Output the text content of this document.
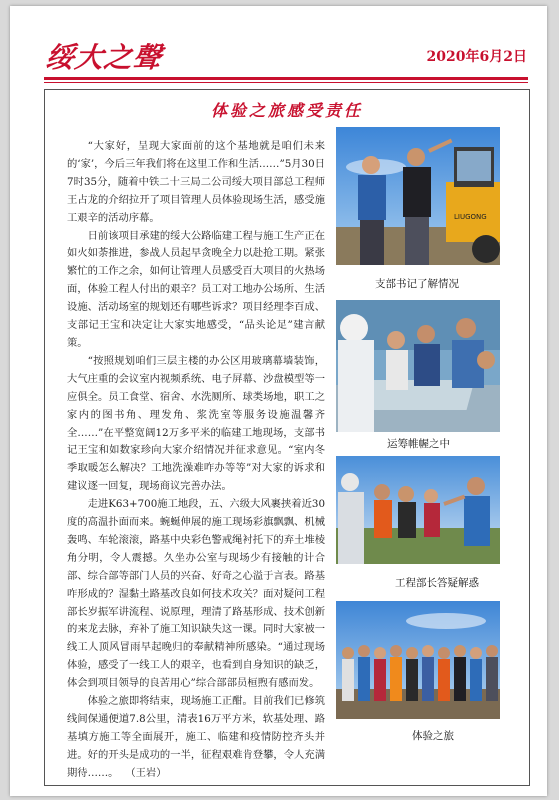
绥大之聲	2020年6月2日
体验之旅感受责任

“大家好，呈现大家面前的这个基地就是咱们未来的‘家’，今后三年我们将在这里工作和生活……”5月30日7时35分，随着中铁二十三局二公司绥大项目部总工程师王占龙的介绍拉开了项目管理人员体验现场生活，感受施工艰辛的活动序幕。

日前该项目承建的绥大公路临建工程与施工生产正在如火如荼推进，参战人员起早贪晚全力以赴抢工期。紧张繁忙的工作之余，如何让管理人员感受百大项目的火热场面，体验工程人付出的艰辛？员工对工地办公场所、生活设施、活动场室的规划还有哪些诉求？项目经理李百成、支部记王宝和决定让大家实地感受，“品头论足”建言献策。

“按照规划咱们三层主楼的办公区用玻璃幕墙装饰，大气庄重的会议室内视频系统、电子屏幕、沙盘模型等一应俱全。员工食堂、宿舍、水洗厕所、球类场地，职工之家内的图书角、理发角、浆洗室等服务设施温馨齐全……”在平整宽阔12万多平米的临建工地现场，支部书记王宝和如数家珍向大家介绍情况并征求意见。“室内冬季取暖怎么解决？工地洗澡难咋办等等”对大家的诉求和建议逐一回复，现场商议完善办法。

走进K63+700施工地段，五、六级大风裹挟着近30度的高温扑面而来。蜿蜒伸展的施工现场彩旗飘飘、机械轰鸣、车轮滚滚，路基中央彩色警戒绳衬托下的弃土堆棱角分明，令人震撼。久坐办公室与现场少有接触的计合部、综合部等部门人员的兴奋、好奇之心溢于言表。路基咋形成的？湿黏土路基改良如何技术攻关？面对疑问工程部长岁振军讲流程、说原理，理清了路基形成、技术创新的来龙去脉，弃补了施工知识缺失这一课。同时大家被一线工人顶风冒雨早起晚归的奉献精神所感染。“通过现场体验，感受了一线工人的艰辛，也看到自身知识的缺乏，体会到项目领导的良苦用心”综合部部员桓煦有感而发。

体验之旅即将结束，现场施工正酣。目前我们已修筑线间保通便道7.8公里，清表16万平方米，软基处理、路基填方施工等全面展开，施工、临建和疫情防控齐头并进。好的开头是成功的一半，征程艰难肯登攀，令人充满期待……。 （王岩）

LIUGONG
支部书记了解情况
运筹帷幄之中
工程部长答疑解惑
体验之旅
